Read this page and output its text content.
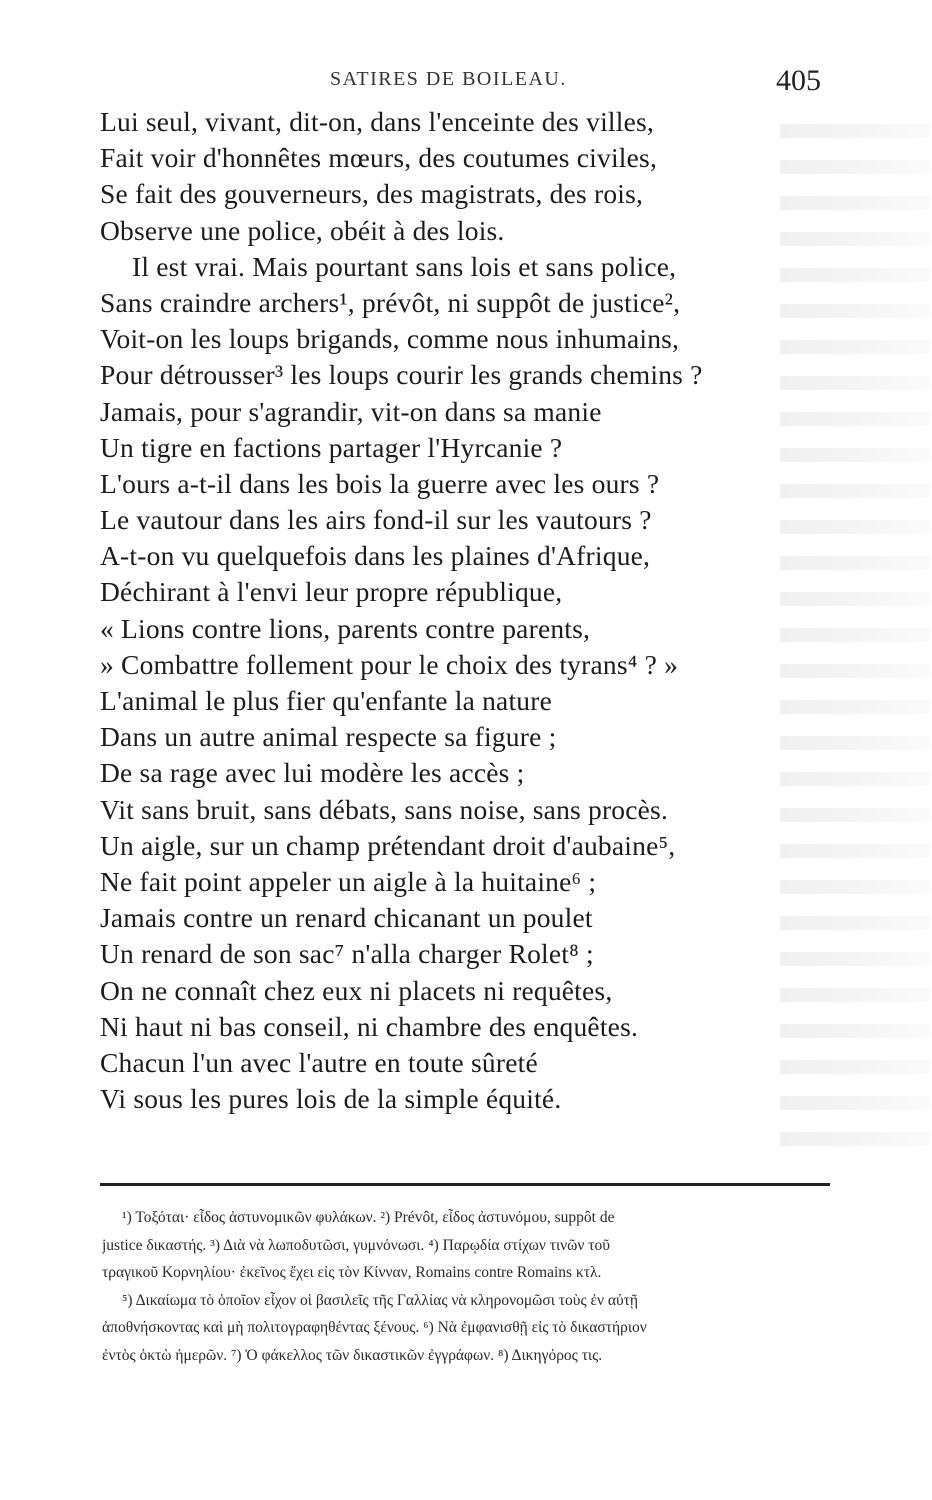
SATIRES DE BOILEAU.	405
Lui seul, vivant, dit-on, dans l'enceinte des villes,
Fait voir d'honnêtes mœurs, des coutumes civiles,
Se fait des gouverneurs, des magistrats, des rois,
Observe une police, obéit à des lois.
Il est vrai. Mais pourtant sans lois et sans police,
Sans craindre archers¹, prévôt, ni suppôt de justice²,
Voit-on les loups brigands, comme nous inhumains,
Pour détrousser³ les loups courir les grands chemins ?
Jamais, pour s'agrandir, vit-on dans sa manie
Un tigre en factions partager l'Hyrcanie ?
L'ours a-t-il dans les bois la guerre avec les ours ?
Le vautour dans les airs fond-il sur les vautours ?
A-t-on vu quelquefois dans les plaines d'Afrique,
Déchirant à l'envi leur propre république,
« Lions contre lions, parents contre parents,
» Combattre follement pour le choix des tyrans⁴ ? »
L'animal le plus fier qu'enfante la nature
Dans un autre animal respecte sa figure ;
De sa rage avec lui modère les accès ;
Vit sans bruit, sans débats, sans noise, sans procès.
Un aigle, sur un champ prétendant droit d'aubaine⁵,
Ne fait point appeler un aigle à la huitaine⁶ ;
Jamais contre un renard chicanant un poulet
Un renard de son sac⁷ n'alla charger Rolet⁸ ;
On ne connaît chez eux ni placets ni requêtes,
Ni haut ni bas conseil, ni chambre des enquêtes.
Chacun l'un avec l'autre en toute sûreté
Vi sous les pures lois de la simple équité.
¹) Τοξόται· εἶδος ἀστυνομικῶν φυλάκων. ²) Prévôt, εἶδος ἀστυνόμου, suppôt de
justice δικαστής. ³) Διὰ νὰ λωποδυτῶσι, γυμνόνωσι. ⁴) Παρῳδία στίχων τινῶν τοῦ
τραγικοῦ Κορνηλίου· ἐκεῖνος ἔχει εἰς τὸν Κίνναν, Romains contre Romains κτλ.
⁵) Δικαίωμα τὸ ὁποῖον εἶχον οἱ βασιλεῖς τῆς Γαλλίας νὰ κληρονομῶσι τοὺς ἐν αὐτῇ
ἀποθνήσκοντας καὶ μὴ πολιτογραφηθέντας ξένους. ⁶) Νὰ ἐμφανισθῇ εἰς τὸ δικαστήριον
ἐντὸς ὀκτὼ ἡμερῶν. ⁷) Ὁ φάκελλος τῶν δικαστικῶν ἐγγράφων. ⁸) Δικηγόρος τις.
